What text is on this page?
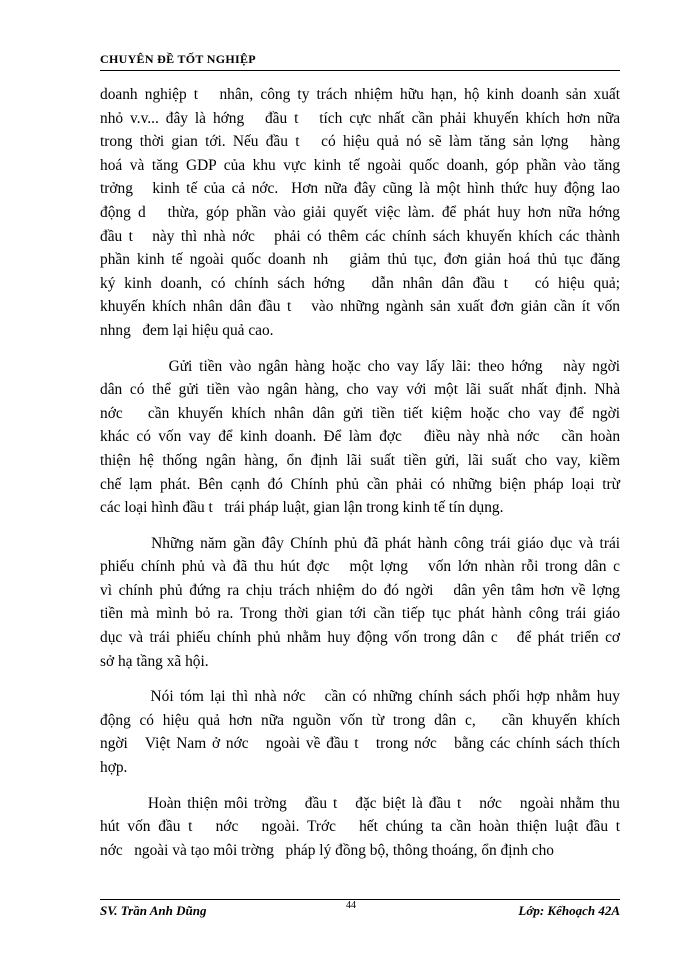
CHUYÊN ĐỀ TỐT NGHIỆP
doanh nghiệp t   nhân, công ty trách nhiệm hữu hạn, hộ kinh doanh sản xuất
nhỏ v.v... đây là hớng   đầu t   tích cực nhất cần phải khuyến khích hơn nữa
trong thời gian tới. Nếu đầu t   có hiệu quả nó sẽ làm tăng sản lợng   hàng
hoá và tăng GDP của khu vực kinh tế ngoài quốc doanh, góp phần vào tăng
trởng   kinh tế của cả nớc.  Hơn nữa đây cũng là một hình thức huy động lao
động d   thừa, góp phần vào giải quyết việc làm. để phát huy hơn nữa hớng
đầu t   này thì nhà nớc   phải có thêm các chính sách khuyến khích các thành
phần kinh tế ngoài quốc doanh nh   giảm thủ tục, đơn giản hoá thủ tục đăng
ký kinh doanh, có chính sách hớng   dẫn nhân dân đầu t   có hiệu quả;
khuyến khích nhân dân đầu t   vào những ngành sản xuất đơn giản cần ít vốn
nhng   đem lại hiệu quả cao.
Gửi tiền vào ngân hàng hoặc cho vay lấy lãi: theo hớng   này ngời
dân có thể gửi tiền vào ngân hàng, cho vay với một lãi suất nhất định. Nhà
nớc   cần khuyến khích nhân dân gửi tiền tiết kiệm hoặc cho vay để ngời
khác có vốn vay để kinh doanh. Để làm đợc   điều này nhà nớc   cần hoàn
thiện hệ thống ngân hàng, ổn định lãi suất tiền gửi, lãi suất cho vay, kiềm
chế lạm phát. Bên cạnh đó Chính phủ cần phải có những biện pháp loại trừ
các loại hình đầu t   trái pháp luật, gian lận trong kinh tế tín dụng.
Những năm gần đây Chính phủ đã phát hành công trái giáo dục và trái
phiếu chính phủ và đã thu hút đợc   một lợng   vốn lớn nhàn rỗi trong dân c
vì chính phủ đứng ra chịu trách nhiệm do đó ngời   dân yên tâm hơn về lợng
tiền mà mình bỏ ra. Trong thời gian tới cần tiếp tục phát hành công trái giáo
dục và trái phiếu chính phủ nhằm huy động vốn trong dân c   để phát triển cơ
sở hạ tầng xã hội.
Nói tóm lại thì nhà nớc   cần có những chính sách phối hợp nhằm huy
động có hiệu quả hơn nữa nguồn vốn từ trong dân c,   cần khuyến khích
ngời   Việt Nam ở nớc   ngoài về đầu t   trong nớc   bằng các chính sách thích
hợp.
Hoàn thiện môi trờng   đầu t   đặc biệt là đầu t   nớc   ngoài nhằm thu
hút vốn đầu t   nớc   ngoài. Trớc   hết chúng ta cần hoàn thiện luật đầu t
nớc   ngoài và tạo môi trờng   pháp lý đồng bộ, thông thoáng, ổn định cho
SV. Trần Anh Dũng	44	Lớp: Kếhoạch 42A
